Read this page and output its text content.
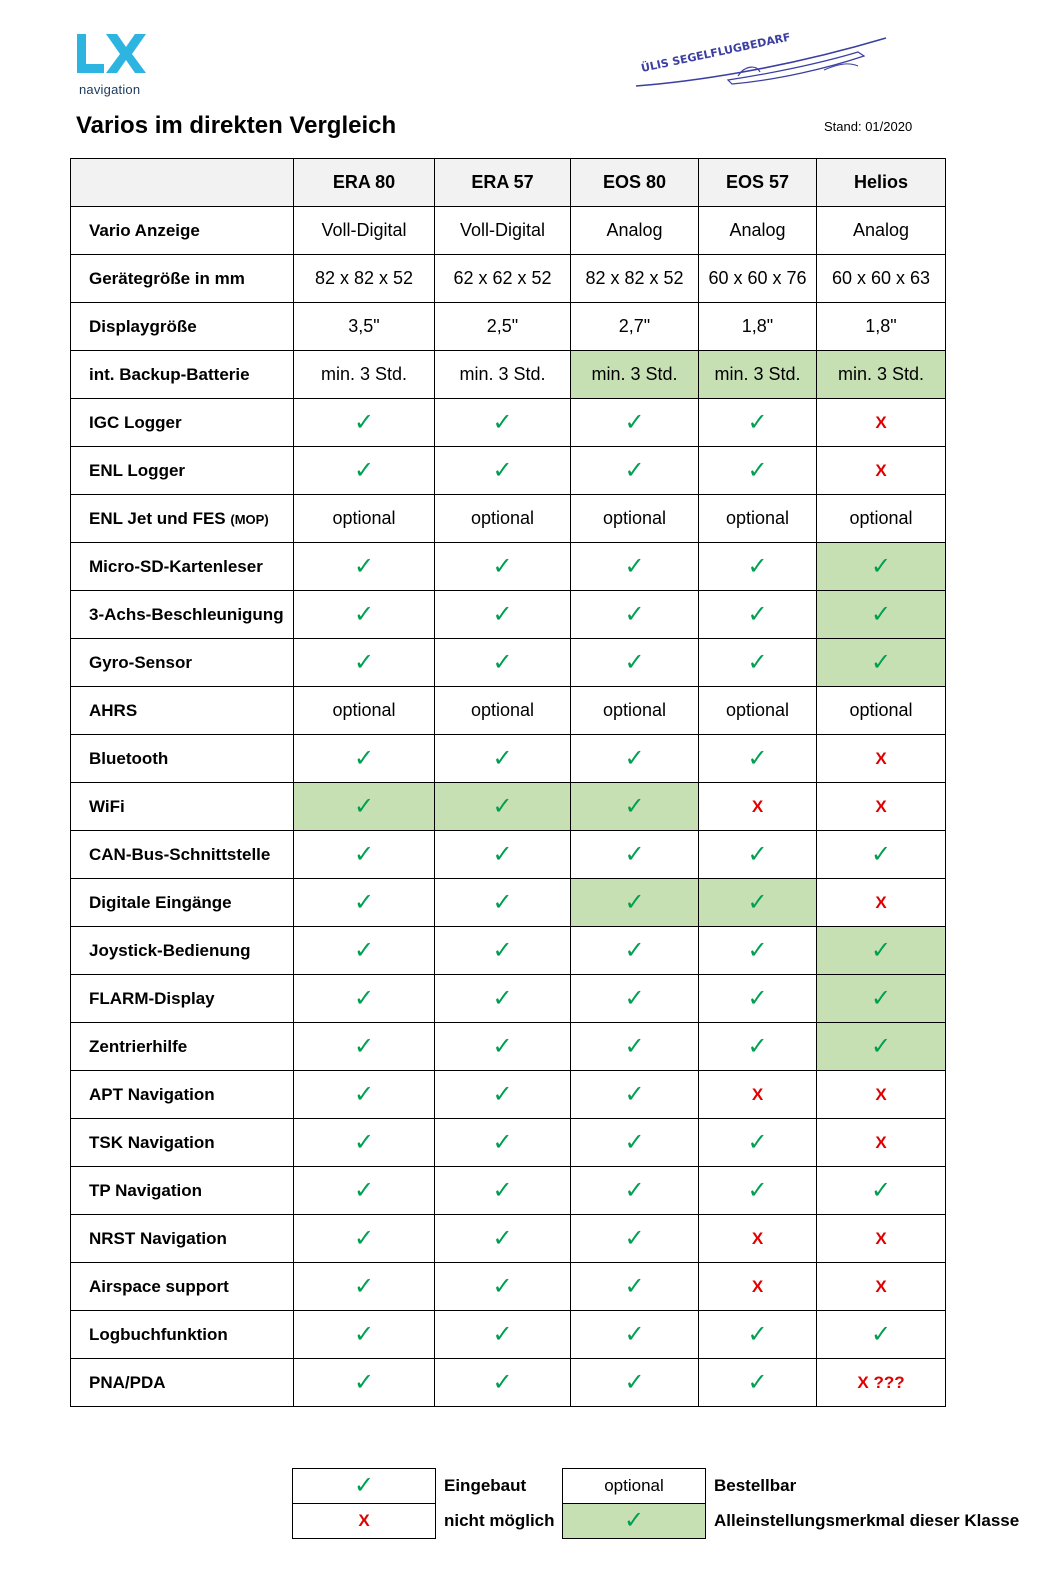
navigation
ÜLIS SEGELFLUGBEDARF
Varios im direkten Vergleich	Stand: 01/2020
	ERA 80	ERA 57	EOS 80	EOS 57	Helios
Vario Anzeige	Voll-Digital	Voll-Digital	Analog	Analog	Analog
Gerätegröße in mm	82 x 82 x 52	62 x 62 x 52	82 x 82 x 52	60 x 60 x 76	60 x 60 x 63
Displaygröße	3,5"	2,5"	2,7"	1,8"	1,8"
int. Backup-Batterie	min. 3 Std.	min. 3 Std.	min. 3 Std.	min. 3 Std.	min. 3 Std.
IGC Logger	✓	✓	✓	✓	X
ENL Logger	✓	✓	✓	✓	X
ENL Jet und FES (MOP)	optional	optional	optional	optional	optional
Micro-SD-Kartenleser	✓	✓	✓	✓	✓
3-Achs-Beschleunigung	✓	✓	✓	✓	✓
Gyro-Sensor	✓	✓	✓	✓	✓
AHRS	optional	optional	optional	optional	optional
Bluetooth	✓	✓	✓	✓	X
WiFi	✓	✓	✓	X	X
CAN-Bus-Schnittstelle	✓	✓	✓	✓	✓
Digitale Eingänge	✓	✓	✓	✓	X
Joystick-Bedienung	✓	✓	✓	✓	✓
FLARM-Display	✓	✓	✓	✓	✓
Zentrierhilfe	✓	✓	✓	✓	✓
APT Navigation	✓	✓	✓	X	X
TSK Navigation	✓	✓	✓	✓	X
TP Navigation	✓	✓	✓	✓	✓
NRST Navigation	✓	✓	✓	X	X
Airspace support	✓	✓	✓	X	X
Logbuchfunktion	✓	✓	✓	✓	✓
PNA/PDA	✓	✓	✓	✓	X ???
✓	Eingebaut		optional	Bestellbar
X	nicht möglich		✓	Alleinstellungsmerkmal dieser Klasse
